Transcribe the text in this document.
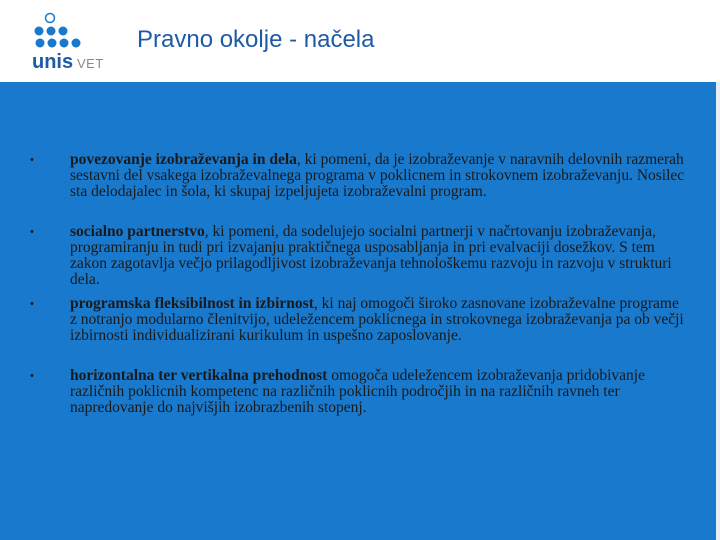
unis VET
Pravno okolje - načela
• povezovanje izobraževanja in dela, ki pomeni, da je izobraževanje v naravnih delovnih razmerah sestavni del vsakega izobraževalnega programa v poklicnem in strokovnem izobraževanju. Nosilec sta delodajalec in šola, ki skupaj izpeljujeta izobraževalni program.
• socialno partnerstvo, ki pomeni, da sodelujejo socialni partnerji v načrtovanju izobraževanja, programiranju in tudi pri izvajanju praktičnega usposabljanja in pri evalvaciji dosežkov. S tem zakon zagotavlja večjo prilagodljivost izobraževanja tehnološkemu razvoju in razvoju v strukturi dela.
• programska fleksibilnost in izbirnost, ki naj omogoči široko zasnovane izobraževalne programe z notranjo modularno členitvijo, udeležencem poklicnega in strokovnega izobraževanja pa ob večji izbirnosti individualizirani kurikulum in uspešno zaposlovanje.
• horizontalna ter vertikalna prehodnost omogoča udeležencem izobraževanja pridobivanje različnih poklicnih kompetenc na različnih poklicnih področjih in na različnih ravneh ter napredovanje do najvišjih izobrazbenih stopenj.
